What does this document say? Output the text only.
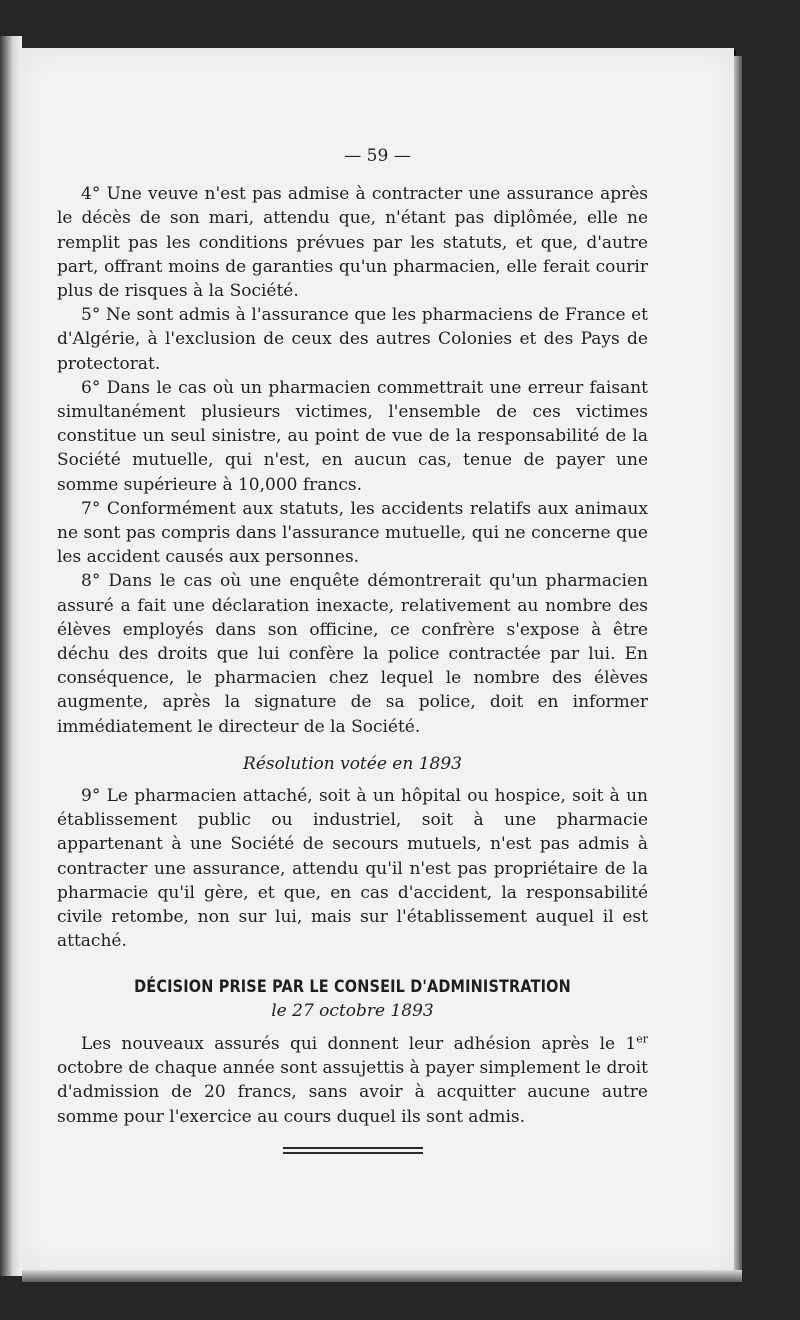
— 59 —

4° Une veuve n'est pas admise à contracter une assurance après le décès de son mari, attendu que, n'étant pas diplômée, elle ne remplit pas les conditions prévues par les statuts, et que, d'autre part, offrant moins de garanties qu'un pharmacien, elle ferait courir plus de risques à la Société.

5° Ne sont admis à l'assurance que les pharmaciens de France et d'Algérie, à l'exclusion de ceux des autres Colonies et des Pays de protectorat.

6° Dans le cas où un pharmacien commettrait une erreur faisant simultanément plusieurs victimes, l'ensemble de ces victimes constitue un seul sinistre, au point de vue de la responsabilité de la Société mutuelle, qui n'est, en aucun cas, tenue de payer une somme supérieure à 10,000 francs.

7° Conformément aux statuts, les accidents relatifs aux animaux ne sont pas compris dans l'assurance mutuelle, qui ne concerne que les accident causés aux personnes.

8° Dans le cas où une enquête démontrerait qu'un pharmacien assuré a fait une déclaration inexacte, relativement au nombre des élèves employés dans son officine, ce confrère s'expose à être déchu des droits que lui confère la police contractée par lui. En conséquence, le pharmacien chez lequel le nombre des élèves augmente, après la signature de sa police, doit en informer immédiatement le directeur de la Société.

Résolution votée en 1893

9° Le pharmacien attaché, soit à un hôpital ou hospice, soit à un établissement public ou industriel, soit à une pharmacie appartenant à une Société de secours mutuels, n'est pas admis à contracter une assurance, attendu qu'il n'est pas propriétaire de la pharmacie qu'il gère, et que, en cas d'accident, la responsabilité civile retombe, non sur lui, mais sur l'établissement auquel il est attaché.

DÉCISION PRISE PAR LE CONSEIL D'ADMINISTRATION
le 27 octobre 1893

Les nouveaux assurés qui donnent leur adhésion après le 1er octobre de chaque année sont assujettis à payer simplement le droit d'admission de 20 francs, sans avoir à acquitter aucune autre somme pour l'exercice au cours duquel ils sont admis.
